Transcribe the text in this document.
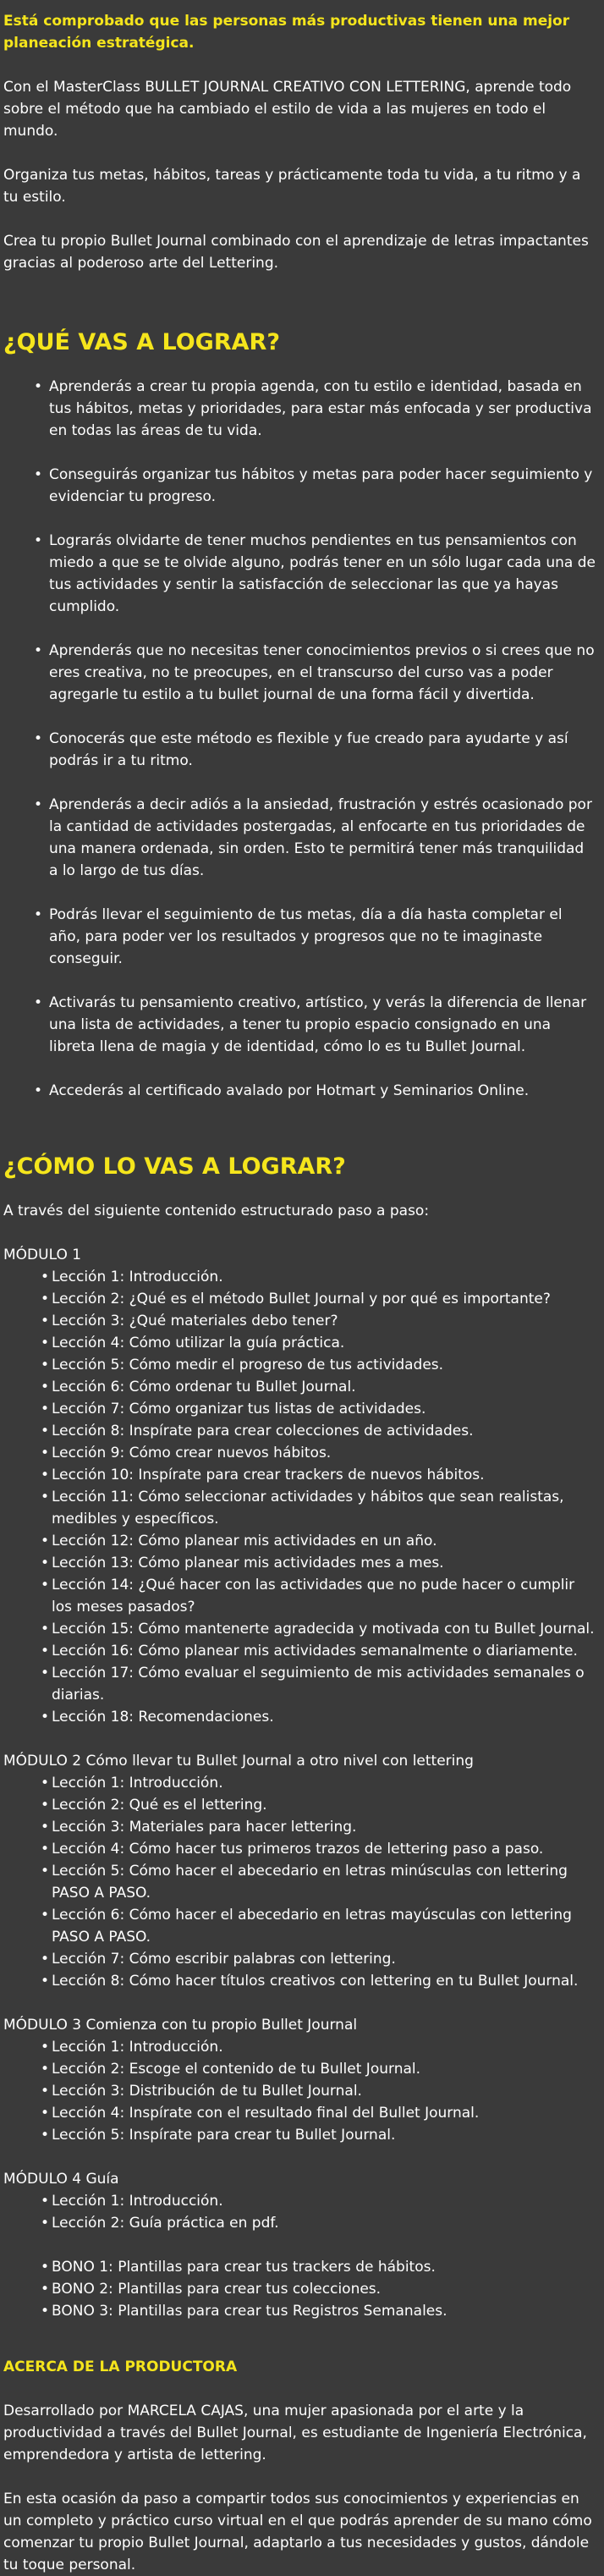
Está comprobado que las personas más productivas tienen una mejor planeación estratégica.

Con el MasterClass BULLET JOURNAL CREATIVO CON LETTERING, aprende todo sobre el método que ha cambiado el estilo de vida a las mujeres en todo el mundo.

Organiza tus metas, hábitos, tareas y prácticamente toda tu vida, a tu ritmo y a tu estilo.

Crea tu propio Bullet Journal combinado con el aprendizaje de letras impactantes gracias al poderoso arte del Lettering.

¿QUÉ VAS A LOGRAR?
• Aprenderás a crear tu propia agenda, con tu estilo e identidad, basada en tus hábitos, metas y prioridades, para estar más enfocada y ser productiva en todas las áreas de tu vida.
• Conseguirás organizar tus hábitos y metas para poder hacer seguimiento y evidenciar tu progreso.
• Lograrás olvidarte de tener muchos pendientes en tus pensamientos con miedo a que se te olvide alguno, podrás tener en un sólo lugar cada una de tus actividades y sentir la satisfacción de seleccionar las que ya hayas cumplido.
• Aprenderás que no necesitas tener conocimientos previos o si crees que no eres creativa, no te preocupes, en el transcurso del curso vas a poder agregarle tu estilo a tu bullet journal de una forma fácil y divertida.
• Conocerás que este método es flexible y fue creado para ayudarte y así podrás ir a tu ritmo.
• Aprenderás a decir adiós a la ansiedad, frustración y estrés ocasionado por la cantidad de actividades postergadas, al enfocarte en tus prioridades de una manera ordenada, sin orden. Esto te permitirá tener más tranquilidad a lo largo de tus días.
• Podrás llevar el seguimiento de tus metas, día a día hasta completar el año, para poder ver los resultados y progresos que no te imaginaste conseguir.
• Activarás tu pensamiento creativo, artístico, y verás la diferencia de llenar una lista de actividades, a tener tu propio espacio consignado en una libreta llena de magia y de identidad, cómo lo es tu Bullet Journal.
• Accederás al certificado avalado por Hotmart y Seminarios Online.
¿CÓMO LO VAS A LOGRAR?

A través del siguiente contenido estructurado paso a paso:

MÓDULO 1
• Lección 1: Introducción.
• Lección 2: ¿Qué es el método Bullet Journal y por qué es importante?
• Lección 3: ¿Qué materiales debo tener?
• Lección 4: Cómo utilizar la guía práctica.
• Lección 5: Cómo medir el progreso de tus actividades.
• Lección 6: Cómo ordenar tu Bullet Journal.
• Lección 7: Cómo organizar tus listas de actividades.
• Lección 8: Inspírate para crear colecciones de actividades.
• Lección 9: Cómo crear nuevos hábitos.
• Lección 10: Inspírate para crear trackers de nuevos hábitos.
• Lección 11: Cómo seleccionar actividades y hábitos que sean realistas, medibles y específicos.
• Lección 12: Cómo planear mis actividades en un año.
• Lección 13: Cómo planear mis actividades mes a mes.
• Lección 14: ¿Qué hacer con las actividades que no pude hacer o cumplir los meses pasados?
• Lección 15: Cómo mantenerte agradecida y motivada con tu Bullet Journal.
• Lección 16: Cómo planear mis actividades semanalmente o diariamente.
• Lección 17: Cómo evaluar el seguimiento de mis actividades semanales o diarias.
• Lección 18: Recomendaciones.
MÓDULO 2 Cómo llevar tu Bullet Journal a otro nivel con lettering
• Lección 1: Introducción.
• Lección 2: Qué es el lettering.
• Lección 3: Materiales para hacer lettering.
• Lección 4: Cómo hacer tus primeros trazos de lettering paso a paso.
• Lección 5: Cómo hacer el abecedario en letras minúsculas con lettering PASO A PASO.
• Lección 6: Cómo hacer el abecedario en letras mayúsculas con lettering PASO A PASO.
• Lección 7: Cómo escribir palabras con lettering.
• Lección 8: Cómo hacer títulos creativos con lettering en tu Bullet Journal.
MÓDULO 3 Comienza con tu propio Bullet Journal
• Lección 1: Introducción.
• Lección 2: Escoge el contenido de tu Bullet Journal.
• Lección 3: Distribución de tu Bullet Journal.
• Lección 4: Inspírate con el resultado final del Bullet Journal.
• Lección 5: Inspírate para crear tu Bullet Journal.
MÓDULO 4 Guía
• Lección 1: Introducción.
• Lección 2: Guía práctica en pdf.
• BONO 1: Plantillas para crear tus trackers de hábitos.
• BONO 2: Plantillas para crear tus colecciones.
• BONO 3: Plantillas para crear tus Registros Semanales.
ACERCA DE LA PRODUCTORA

Desarrollado por MARCELA CAJAS, una mujer apasionada por el arte y la productividad a través del Bullet Journal, es estudiante de Ingeniería Electrónica, emprendedora y artista de lettering.

En esta ocasión da paso a compartir todos sus conocimientos y experiencias en un completo y práctico curso virtual en el que podrás aprender de su mano cómo comenzar tu propio Bullet Journal, adaptarlo a tus necesidades y gustos, dándole tu toque personal.
